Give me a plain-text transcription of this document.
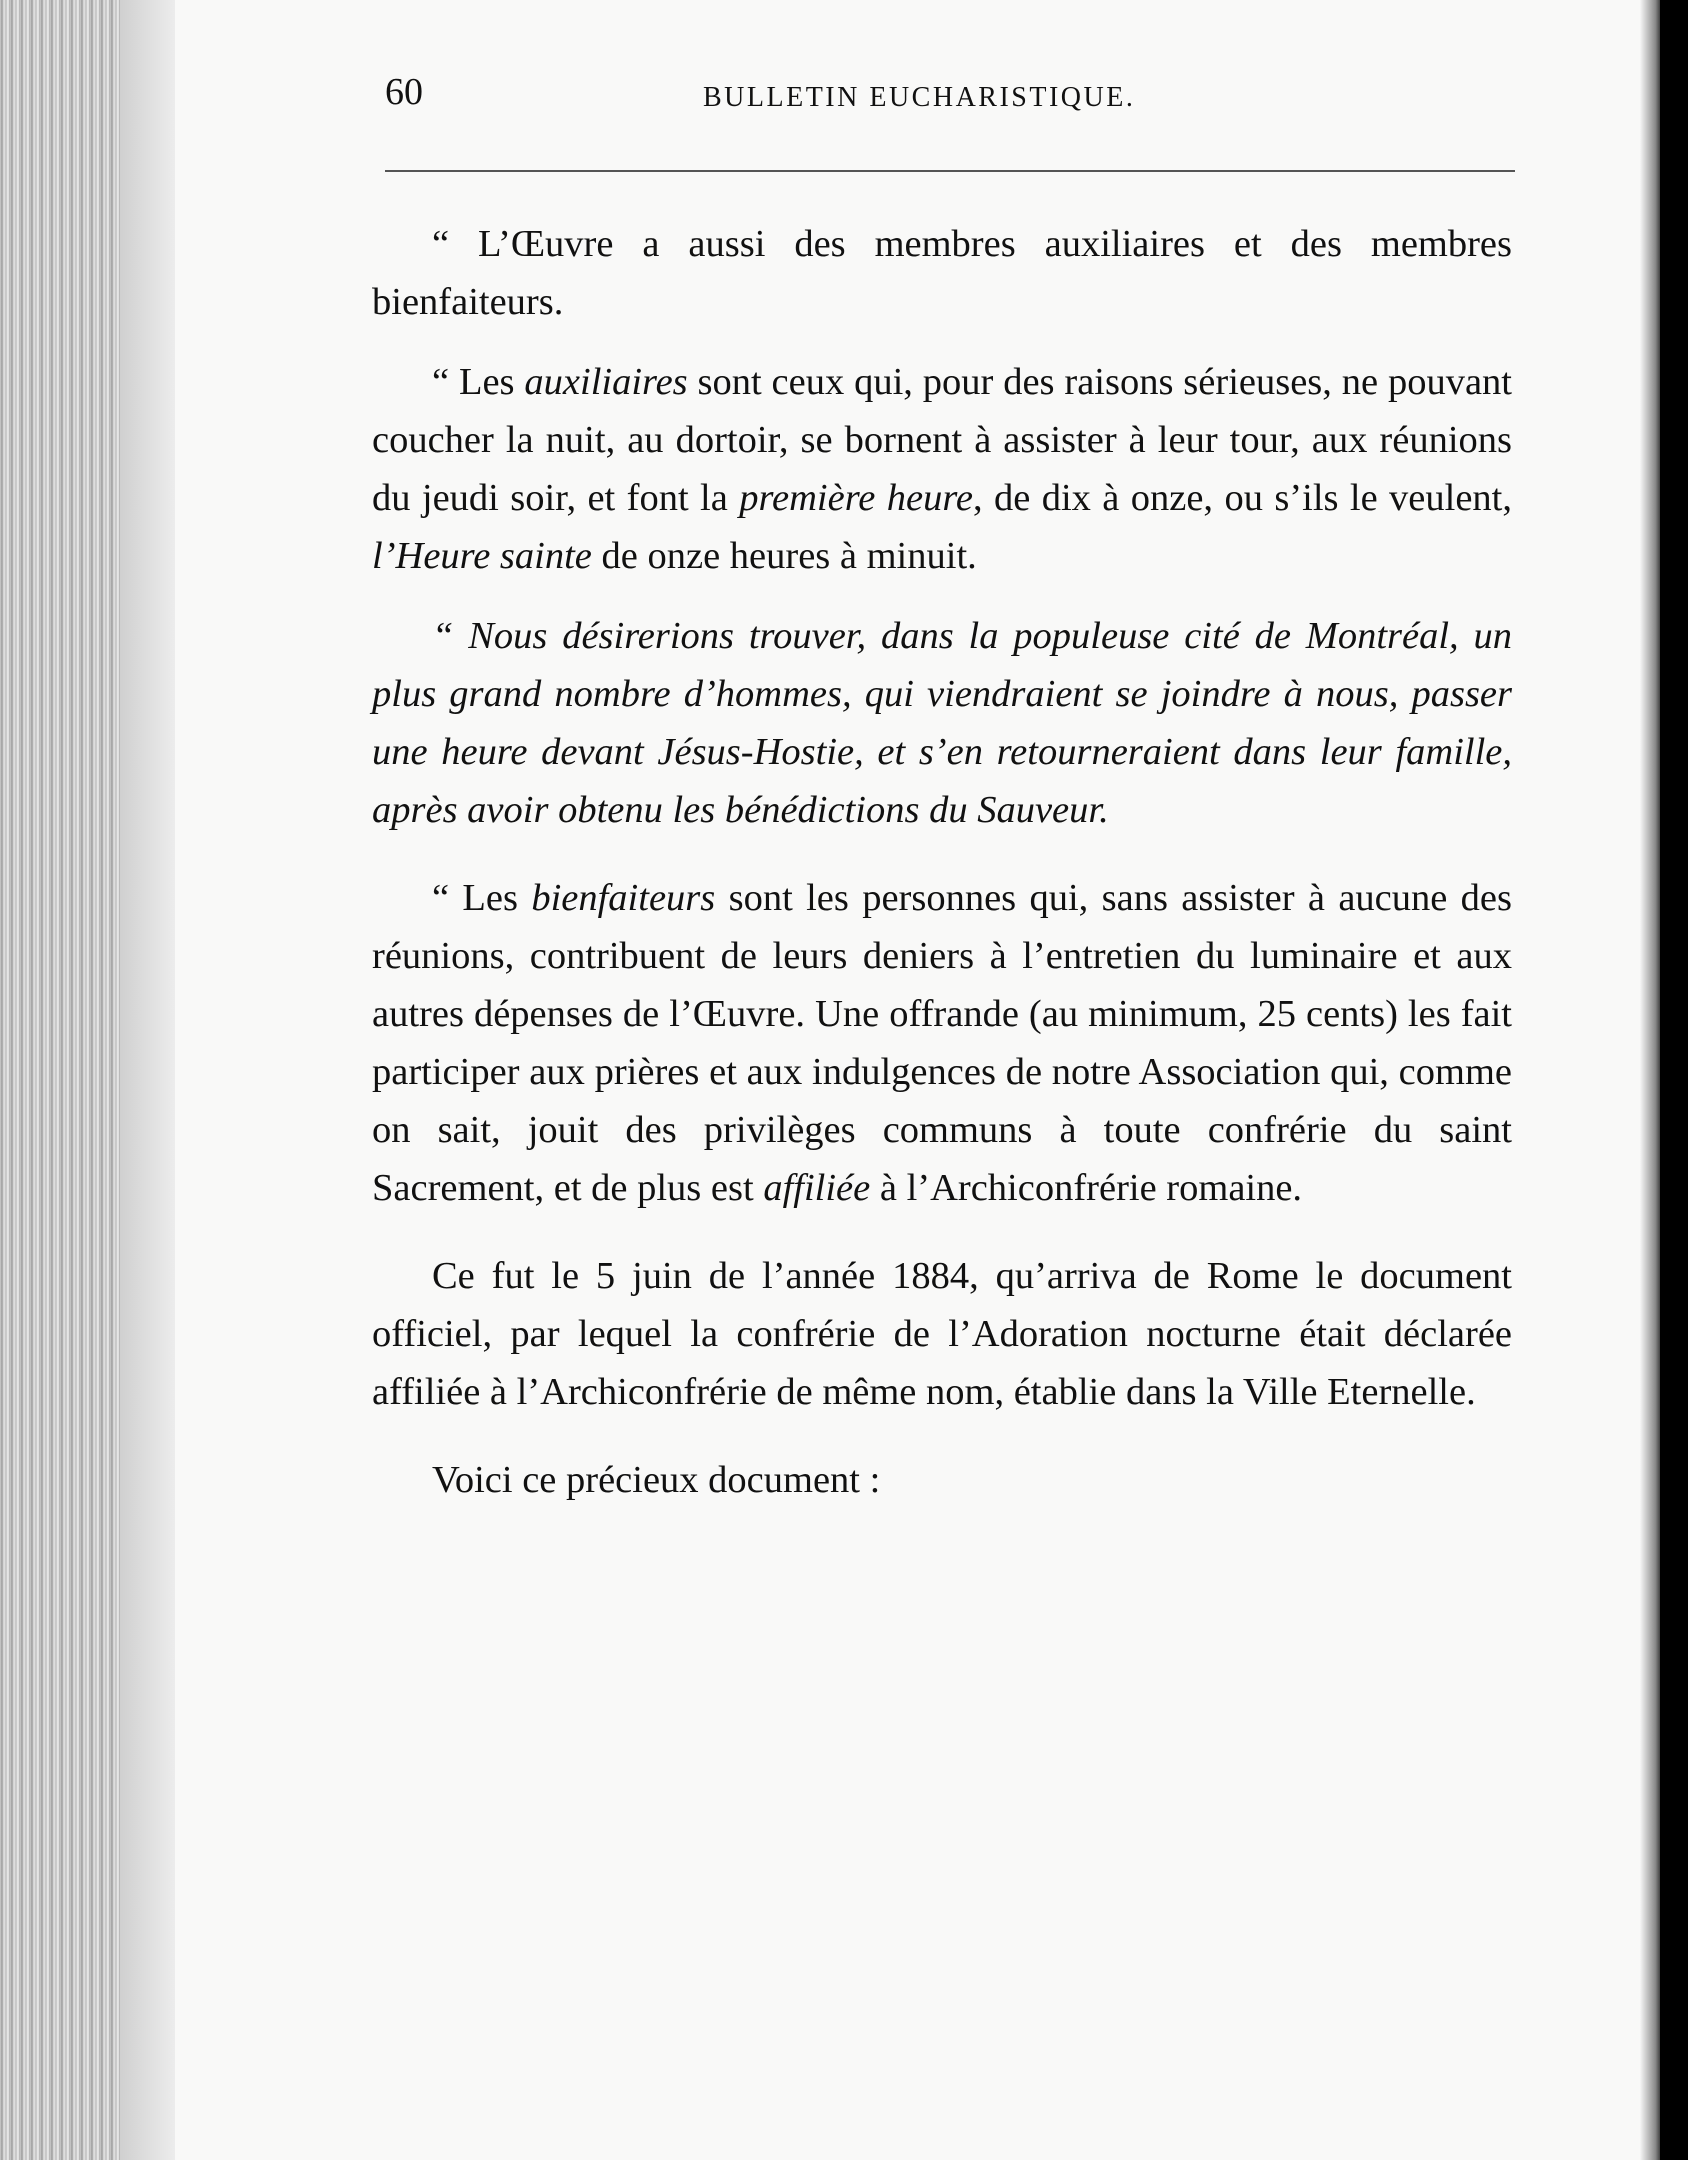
60	BULLETIN EUCHARISTIQUE.

“ L’Œuvre a aussi des membres auxiliaires et des membres bienfaiteurs.

“ Les auxiliaires sont ceux qui, pour des raisons sérieuses, ne pouvant coucher la nuit, au dortoir, se bornent à assister à leur tour, aux réunions du jeudi soir, et font la première heure, de dix à onze, ou s’ils le veulent, l’Heure sainte de onze heures à minuit.

“ Nous désirerions trouver, dans la populeuse cité de Montréal, un plus grand nombre d’hommes, qui viendraient se joindre à nous, passer une heure devant Jésus-Hostie, et s’en retourneraient dans leur famille, après avoir obtenu les bénédictions du Sauveur.

“ Les bienfaiteurs sont les personnes qui, sans assister à aucune des réunions, contribuent de leurs deniers à l’entretien du luminaire et aux autres dépenses de l’Œuvre. Une offrande (au minimum, 25 cents) les fait participer aux prières et aux indulgences de notre Association qui, comme on sait, jouit des privilèges communs à toute confrérie du saint Sacrement, et de plus est affiliée à l’Archiconfrérie romaine.

Ce fut le 5 juin de l’année 1884, qu’arriva de Rome le document officiel, par lequel la confrérie de l’Adoration nocturne était déclarée affiliée à l’Archiconfrérie de même nom, établie dans la Ville Eternelle.

Voici ce précieux document :
